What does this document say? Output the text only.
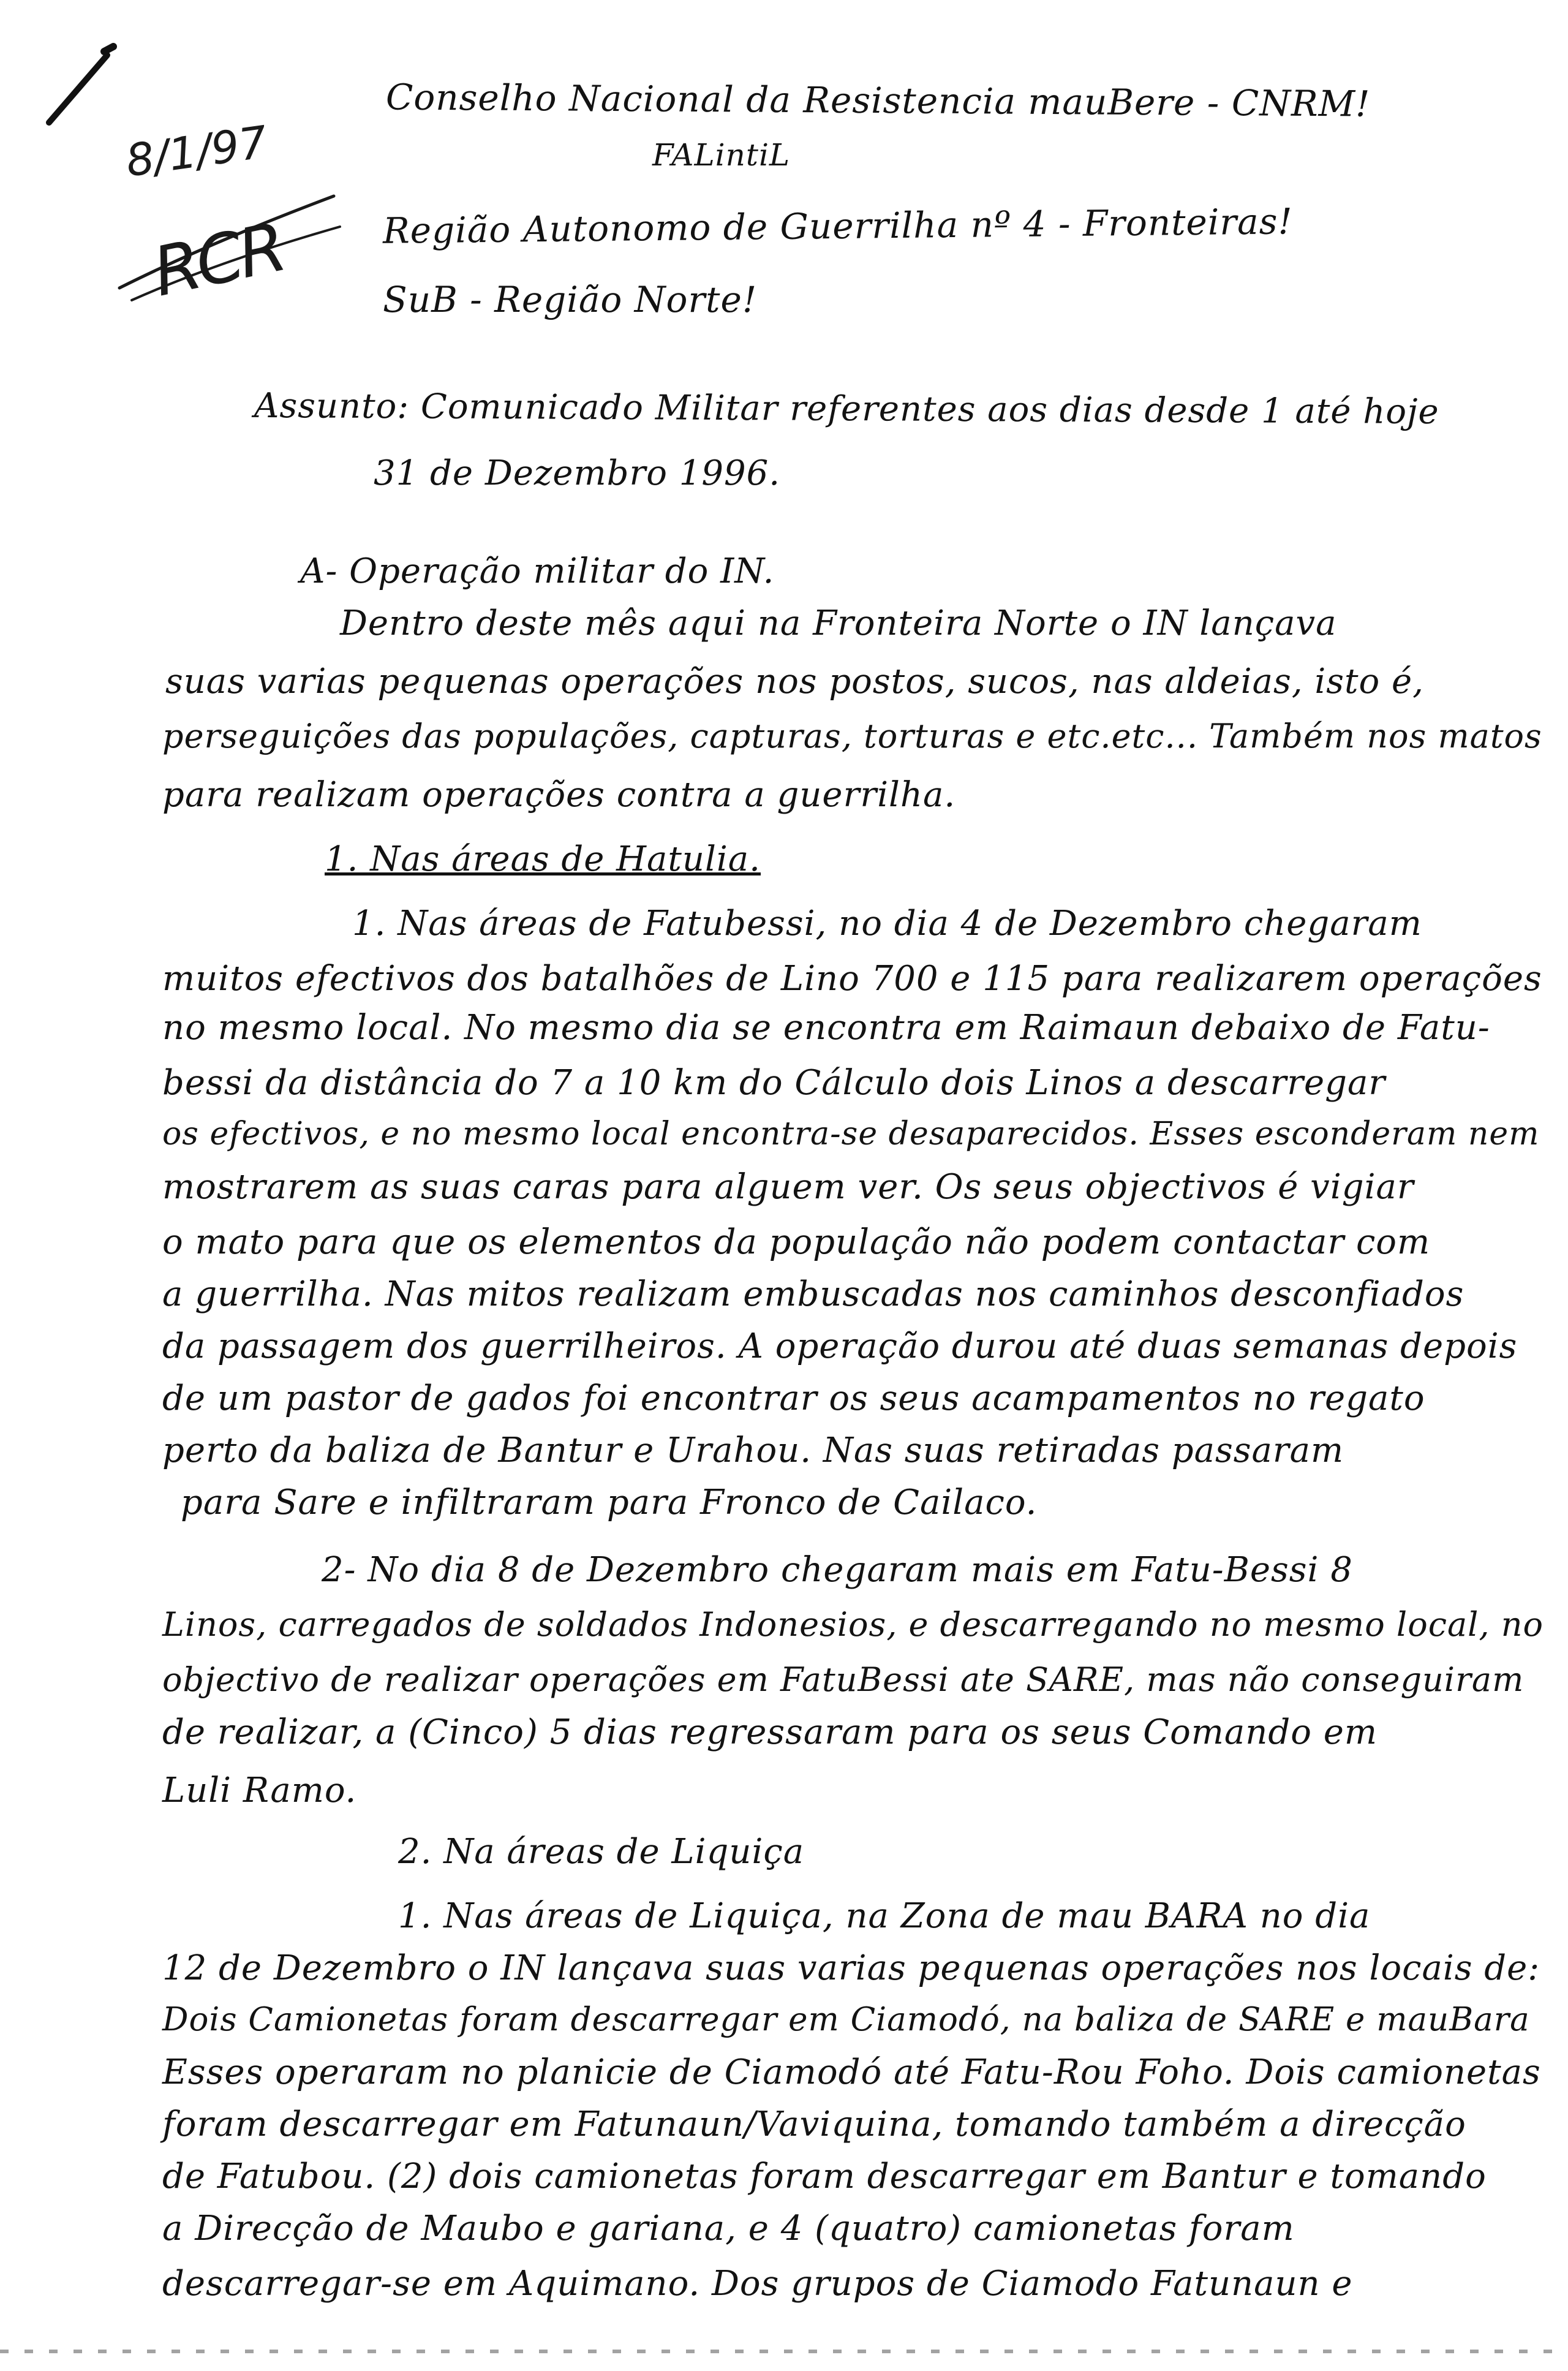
8/1/97
RCR
Conselho Nacional da Resistencia mauBere - CNRM!
FALintiL
Região Autonomo de Guerrilha nº 4 - Fronteiras!
SuB - Região Norte!
Assunto: Comunicado Militar referentes aos dias desde 1 até hoje
31 de Dezembro 1996.
A- Operação militar do IN.
Dentro deste mês aqui na Fronteira Norte o IN lançava
suas varias pequenas operações nos postos, sucos, nas aldeias, isto é,
perseguições das populações, capturas, torturas e etc.etc... Também nos matos
para realizam operações contra a guerrilha.
1. Nas áreas de Hatulia.
1. Nas áreas de Fatubessi, no dia 4 de Dezembro chegaram
muitos efectivos dos batalhões de Lino 700 e 115 para realizarem operações
no mesmo local. No mesmo dia se encontra em Raimaun debaixo de Fatu-
bessi da distância do 7 a 10 km do Cálculo dois Linos a descarregar
os efectivos, e no mesmo local encontra-se desaparecidos. Esses esconderam nem
mostrarem as suas caras para alguem ver. Os seus objectivos é vigiar
o mato para que os elementos da população não podem contactar com
a guerrilha. Nas mitos realizam embuscadas nos caminhos desconfiados
da passagem dos guerrilheiros. A operação durou até duas semanas depois
de um pastor de gados foi encontrar os seus acampamentos no regato
perto da baliza de Bantur e Urahou. Nas suas retiradas passaram
para Sare e infiltraram para Fronco de Cailaco.
2- No dia 8 de Dezembro chegaram mais em Fatu-Bessi 8
Linos, carregados de soldados Indonesios, e descarregando no mesmo local, no
objectivo de realizar operações em FatuBessi ate SARE, mas não conseguiram
de realizar, a (Cinco) 5 dias regressaram para os seus Comando em
Luli Ramo.
2. Na áreas de Liquiça
1. Nas áreas de Liquiça, na Zona de mau BARA no dia
12 de Dezembro o IN lançava suas varias pequenas operações nos locais de:
Dois Camionetas foram descarregar em Ciamodó, na baliza de SARE e mauBara
Esses operaram no planicie de Ciamodó até Fatu-Rou Foho. Dois camionetas
foram descarregar em Fatunaun/Vaviquina, tomando também a direcção
de Fatubou. (2) dois camionetas foram descarregar em Bantur e tomando
a Direcção de Maubo e gariana, e 4 (quatro) camionetas foram
descarregar-se em Aquimano. Dos grupos de Ciamodo Fatunaun e
